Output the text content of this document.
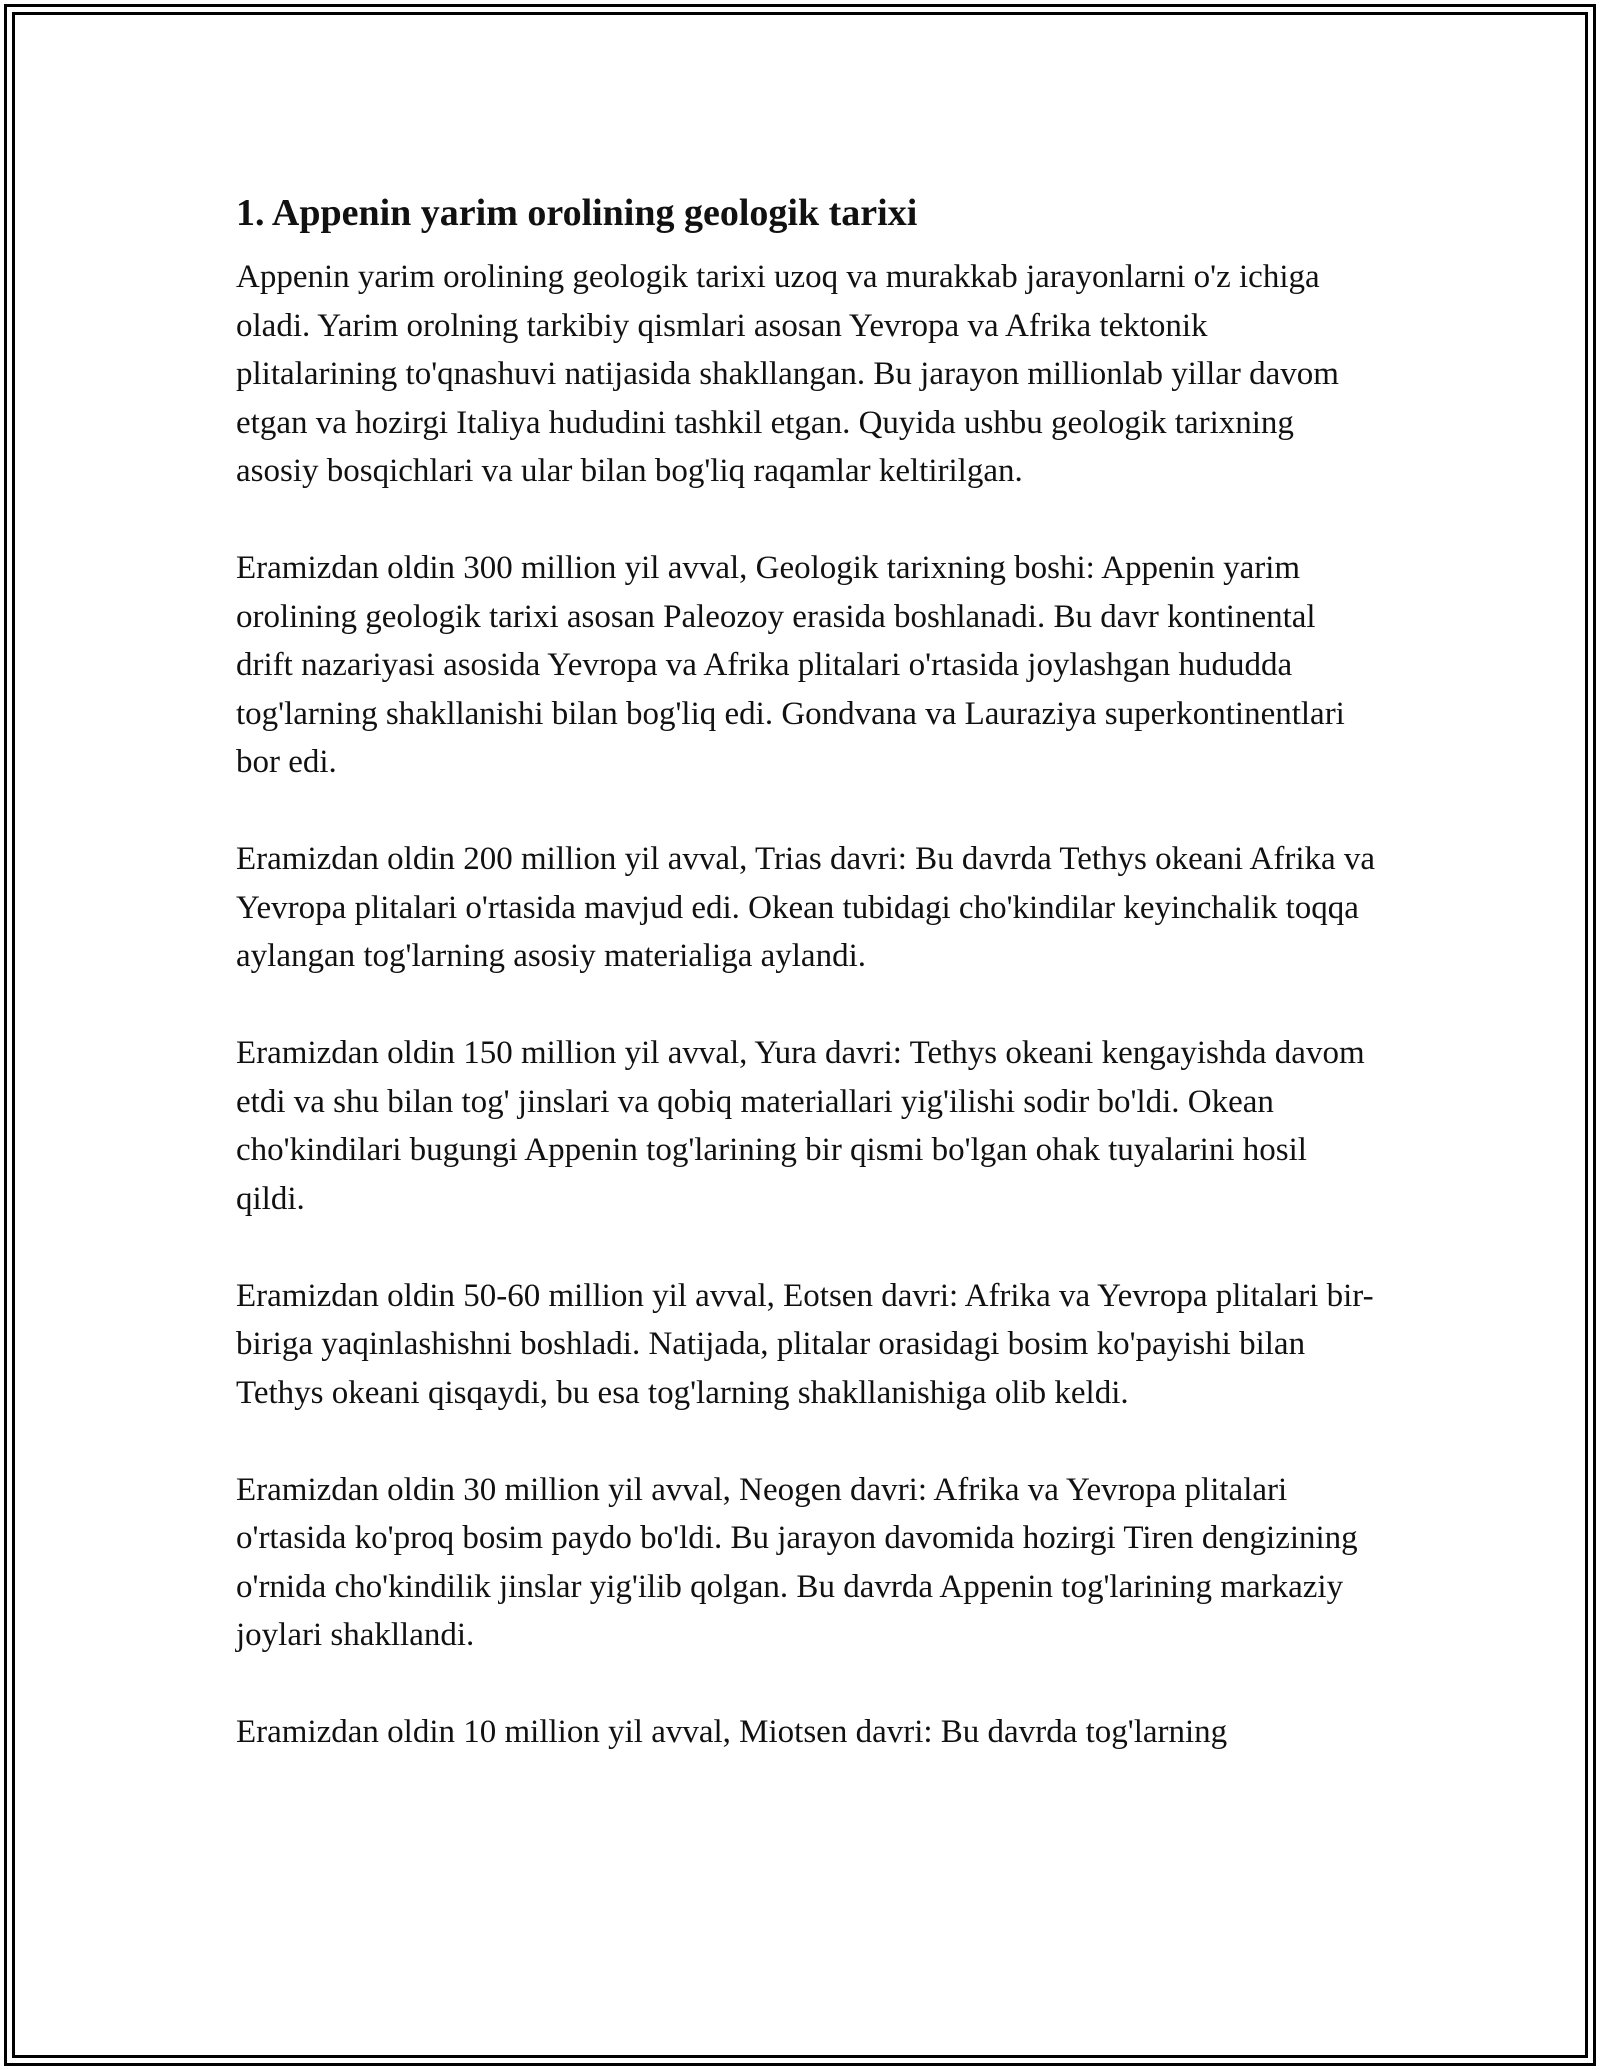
1. Appenin yarim orolining geologik tarixi

Appenin yarim orolining geologik tarixi uzoq va murakkab jarayonlarni o'z ichiga oladi. Yarim orolning tarkibiy qismlari asosan Yevropa va Afrika tektonik plitalarining to'qnashuvi natijasida shakllangan. Bu jarayon millionlab yillar davom etgan va hozirgi Italiya hududini tashkil etgan. Quyida ushbu geologik tarixning asosiy bosqichlari va ular bilan bog'liq raqamlar keltirilgan.

Eramizdan oldin 300 million yil avval, Geologik tarixning boshi: Appenin yarim orolining geologik tarixi asosan Paleozoy erasida boshlanadi. Bu davr kontinental drift nazariyasi asosida Yevropa va Afrika plitalari o'rtasida joylashgan hududda tog'larning shakllanishi bilan bog'liq edi. Gondvana va Lauraziya superkontinentlari bor edi.

Eramizdan oldin 200 million yil avval, Trias davri: Bu davrda Tethys okeani Afrika va Yevropa plitalari o'rtasida mavjud edi. Okean tubidagi cho'kindilar keyinchalik toqqa aylangan tog'larning asosiy materialiga aylandi.

Eramizdan oldin 150 million yil avval, Yura davri: Tethys okeani kengayishda davom etdi va shu bilan tog' jinslari va qobiq materiallari yig'ilishi sodir bo'ldi. Okean cho'kindilari bugungi Appenin tog'larining bir qismi bo'lgan ohak tuyalarini hosil qildi.

Eramizdan oldin 50-60 million yil avval, Eotsen davri: Afrika va Yevropa plitalari bir-biriga yaqinlashishni boshladi. Natijada, plitalar orasidagi bosim ko'payishi bilan Tethys okeani qisqaydi, bu esa tog'larning shakllanishiga olib keldi.

Eramizdan oldin 30 million yil avval, Neogen davri: Afrika va Yevropa plitalari o'rtasida ko'proq bosim paydo bo'ldi. Bu jarayon davomida hozirgi Tiren dengizining o'rnida cho'kindilik jinslar yig'ilib qolgan. Bu davrda Appenin tog'larining markaziy joylari shakllandi.

Eramizdan oldin 10 million yil avval, Miotsen davri: Bu davrda tog'larning
